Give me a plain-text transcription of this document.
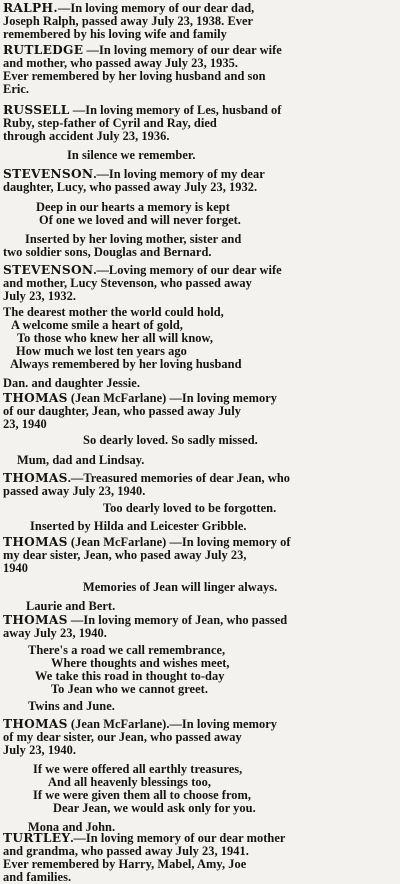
RALPH.—In loving memory of our dear dad,
Joseph Ralph, passed away July 23, 1938. Ever
remembered by his loving wife and family
RUTLEDGE —In loving memory of our dear wife
and mother, who passed away July 23, 1935.
Ever remembered by her loving husband and son
Eric.
RUSSELL —In loving memory of Les, husband of
Ruby, step-father of Cyril and Ray, died
through accident July 23, 1936.
In silence we remember.
STEVENSON.—In loving memory of my dear
daughter, Lucy, who passed away July 23, 1932.
Deep in our hearts a memory is kept
Of one we loved and will never forget.
Inserted by her loving mother, sister and
two soldier sons, Douglas and Bernard.
STEVENSON.—Loving memory of our dear wife
and mother, Lucy Stevenson, who passed away
July 23, 1932.
The dearest mother the world could hold,
A welcome smile a heart of gold,
To those who knew her all will know,
How much we lost ten years ago
Always remembered by her loving husband
Dan. and daughter Jessie.
THOMAS (Jean McFarlane) —In loving memory
of our daughter, Jean, who passed away July
23, 1940
So dearly loved. So sadly missed.
Mum, dad and Lindsay.
THOMAS.—Treasured memories of dear Jean, who
passed away July 23, 1940.
Too dearly loved to be forgotten.
Inserted by Hilda and Leicester Gribble.
THOMAS (Jean McFarlane) —In loving memory of
my dear sister, Jean, who pased away July 23,
1940
Memories of Jean will linger always.
Laurie and Bert.
THOMAS —In loving memory of Jean, who passed
away July 23, 1940.
There's a road we call remembrance,
Where thoughts and wishes meet,
We take this road in thought to-day
To Jean who we cannot greet.
Twins and June.
THOMAS (Jean McFarlane).—In loving memory
of my dear sister, our Jean, who passed away
July 23, 1940.
If we were offered all earthly treasures,
And all heavenly blessings too,
If we were given them all to choose from,
Dear Jean, we would ask only for you.
Mona and John.
TURTLEY.—In loving memory of our dear mother
and grandma, who passed away July 23, 1941.
Ever remembered by Harry, Mabel, Amy, Joe
and families.
